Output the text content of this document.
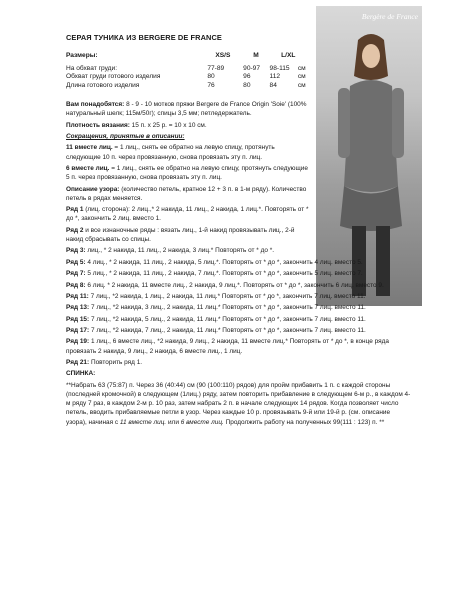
СЕРАЯ ТУНИКА ИЗ BERGERE DE FRANCE
Размеры:	XS/S	M	L/XL
На обхват груди:	77-89	90-97	98-115	см
Обхват груди готового изделия	80	96	112	см
Длина готового изделия	76	80	84	см
Bergère de France

Вам понадобятся: 8 - 9 - 10 мотков пряжи Bergere de France Origin 'Soie' (100% натуральный шелк; 115м/50г); спицы 3,5 мм; петледержатель.

Плотность вязания: 15 п. х 25 р. = 10 х 10 см.

Сокращения, принятые в описании:

11 вместе лиц. = 1 лиц., снять ее обратно на левую спицу, протянуть следующие 10 п. через провязанную, снова провязать эту п. лиц.

6 вместе лиц. = 1 лиц., снять ее обратно на левую спицу, протянуть следующие 5 п. через провязанную, снова провязать эту п. лиц.

Описание узора: (количество петель, кратное 12 + 3 п. в 1-м ряду). Количество петель в рядах меняется.

Ряд 1 (лиц. сторона): 2 лиц.,* 2 накида, 11 лиц., 2 накида, 1 лиц.*. Повторять от * до *, закончить 2 лиц. вместо 1.

Ряд 2 и все изнаночные ряды : вязать лиц., 1-й накид провязывать лиц., 2-й накид сбрасывать со спицы.

Ряд 3: лиц., * 2 накида, 11 лиц., 2 накида, 3 лиц.* Повторять от * до *.

Ряд 5: 4 лиц., * 2 накида, 11 лиц., 2 накида, 5 лиц.*. Повторять от * до *, закончить 4 лиц. вместо 5.

Ряд 7: 5 лиц., * 2 накида, 11 лиц., 2 накида, 7 лиц.*. Повторять от * до *, закончить 5 лиц. вместо 7.

Ряд 8: 6 лиц. * 2 накида, 11 вместе лиц., 2 накида, 9 лиц.*. Повторять от * до *, закончить 6 лиц. вместо 9.

Ряд 11: 7 лиц., *2 накида, 1 лиц., 2 накида, 11 лиц.* Повторять от * до *, закончить 7 лиц. вместо 11.

Ряд 13: 7 лиц., *2 накида, 3 лиц., 2 накида, 11 лиц.* Повторять от * до *, закончить 7 лиц. вместо 11.

Ряд 15: 7 лиц., *2 накида, 5 лиц., 2 накида, 11 лиц.* Повторять от * до *, закончить 7 лиц. вместо 11.

Ряд 17: 7 лиц., *2 накида, 7 лиц., 2 накида, 11 лиц.* Повторять от * до *, закончить 7 лиц. вместо 11.

Ряд 19: 1 лиц., 6 вместе лиц., *2 накида, 9 лиц., 2 накида, 11 вместе лиц.* Повторять от * до *, в конце ряда провязать 2 накида, 9 лиц., 2 накида, 6 вместе лиц., 1 лиц.

Ряд 21: Повторить ряд 1.

СПИНКА:

**Набрать 63 (75:87) п. Через 36 (40:44) см (90 (100:110) рядов) для пройм прибавить 1 п. с каждой стороны (последней кромочной) в следующем (1лиц.) ряду, затем повторить прибавление в следующем 6-м р., в каждом 4-м ряду 7 раз, в каждом 2-м р. 10 раз, затем набрать 2 п. в начале следующих 14 рядов. Когда позволяет число петель, вводить прибавляемые петли в узор. Через каждые 10 р. провязывать 9-й или 19-й р. (см. описание узора), начиная с 11 вместе лиц. или 6 вместе лиц. Продолжить работу на полученных 99(111 : 123) п. **
